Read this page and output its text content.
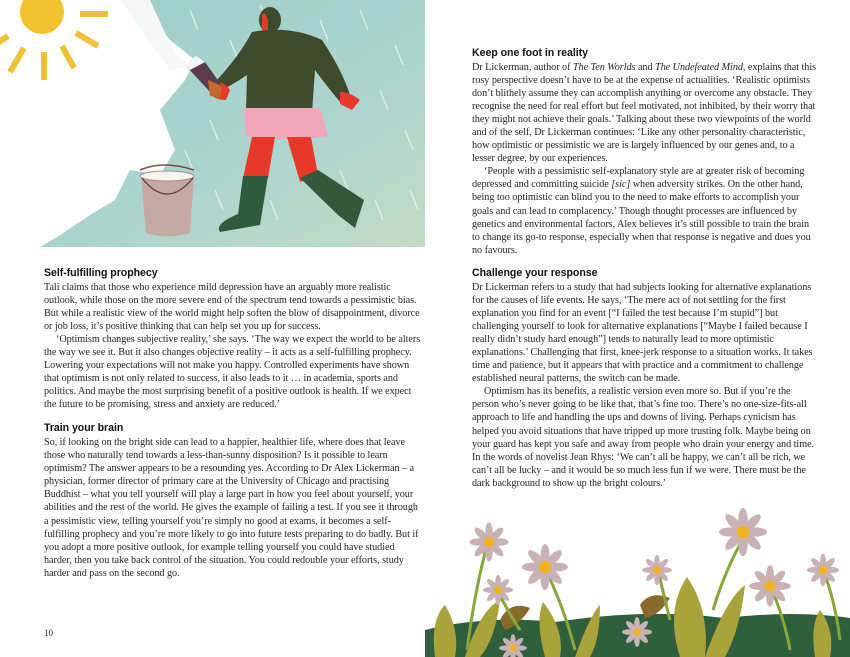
Self-fulfilling prophecy

Tali claims that those who experience mild depression have an arguably more realistic outlook, while those on the more severe end of the spectrum tend towards a pessimistic bias. But while a realistic view of the world might help soften the blow of disappointment, divorce or job loss, it’s positive thinking that can help set you up for success.

‘Optimism changes subjective reality,’ she says. ‘The way we expect the world to be alters the way we see it. But it also changes objective reality – it acts as a self-fulfilling prophecy. Lowering your expectations will not make you happy. Controlled experiments have shown that optimism is not only related to success, it also leads to it … in academia, sports and politics. And maybe the most surprising benefit of a positive outlook is health. If we expect the future to be promising, stress and anxiety are reduced.’

Train your brain

So, if looking on the bright side can lead to a happier, healthier life, where does that leave those who naturally tend towards a less-than-sunny disposition? Is it possible to learn optimism? The answer appears to be a resounding yes. According to Dr Alex Lickerman – a physician, former director of primary care at the University of Chicago and practising Buddhist – what you tell yourself will play a large part in how you feel about yourself, your abilities and the rest of the world. He gives the example of failing a test. If you see it through a pessimistic view, telling yourself you’re simply no good at exams, it becomes a self-fulfilling prophecy and you’re more likely to go into future tests preparing to do badly. But if you adopt a more positive outlook, for example telling yourself you could have studied harder, then you take back control of the situation. You could redouble your efforts, study harder and pass on the second go.

10
Keep one foot in reality

Dr Lickerman, author of The Ten Worlds and The Undefeated Mind, explains that this rosy perspective doesn’t have to be at the expense of actualities. ‘Realistic optimists don’t blithely assume they can accomplish anything or overcome any obstacle. They recognise the need for real effort but feel motivated, not inhibited, by their worry that they might not achieve their goals.’ Talking about these two viewpoints of the world and of the self, Dr Lickerman continues: ‘Like any other personality characteristic, how optimistic or pessimistic we are is largely influenced by our genes and, to a lesser degree, by our experiences.

‘People with a pessimistic self-explanatory style are at greater risk of becoming depressed and committing suicide [sic] when adversity strikes. On the other hand, being too optimistic can blind you to the need to make efforts to accomplish your goals and can lead to complacency.’ Though thought processes are influenced by genetics and environmental factors, Alex believes it’s still possible to train the brain to change its go-to response, especially when that response is negative and does you no favours.

Challenge your response

Dr Lickerman refers to a study that had subjects looking for alternative explanations for the causes of life events. He says, ‘The mere act of not settling for the first explanation you find for an event [“I failed the test because I’m stupid”] but challenging yourself to look for alternative explanations [“Maybe I failed because I really didn’t study hard enough”] tends to naturally lead to more optimistic explanations.’ Challenging that first, knee-jerk response to a situation works. It takes time and patience, but it appears that with practice and a commitment to challenge established neural patterns, the switch can be made.

Optimism has its benefits, a realistic version even more so. But if you’re the person who’s never going to be like that, that’s fine too. There’s no one-size-fits-all approach to life and handling the ups and downs of living. Perhaps cynicism has helped you avoid situations that have tripped up more trusting folk. Maybe being on your guard has kept you safe and away from people who drain your energy and time. In the words of novelist Jean Rhys: ‘We can’t all be happy, we can’t all be rich, we can’t all be lucky – and it would be so much less fun if we were. There must be the dark background to show up the bright colours.’
